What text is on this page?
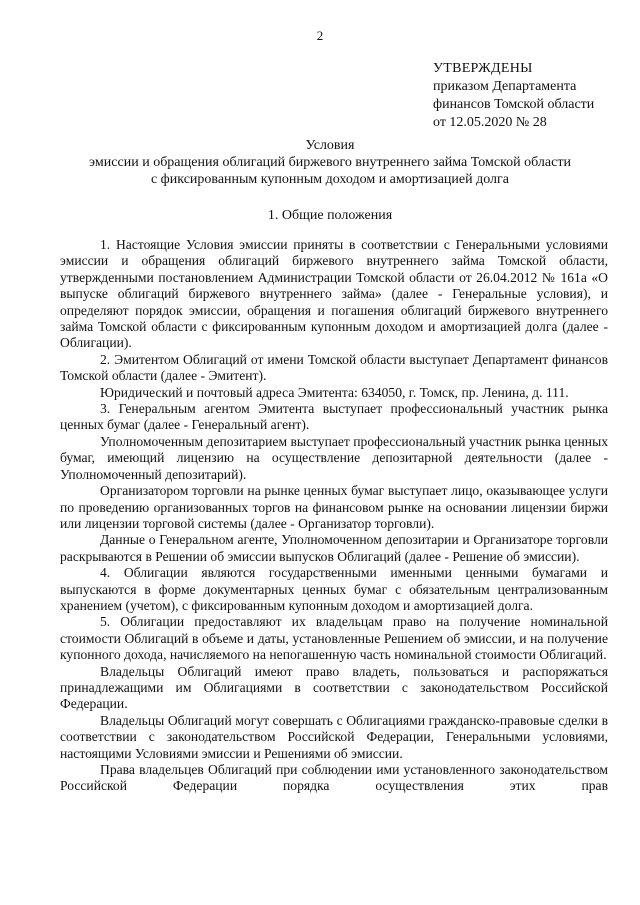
2
УТВЕРЖДЕНЫ
приказом Департамента
финансов Томской области
от 12.05.2020 № 28
Условия
эмиссии и обращения облигаций биржевого внутреннего займа Томской области
с фиксированным купонным доходом и амортизацией долга
1. Общие положения

1. Настоящие Условия эмиссии приняты в соответствии с Генеральными условиями эмиссии и обращения облигаций биржевого внутреннего займа Томской области, утвержденными постановлением Администрации Томской области от 26.04.2012 № 161а «О выпуске облигаций биржевого внутреннего займа» (далее - Генеральные условия), и определяют порядок эмиссии, обращения и погашения облигаций биржевого внутреннего займа Томской области с фиксированным купонным доходом и амортизацией долга (далее - Облигации).

2. Эмитентом Облигаций от имени Томской области выступает Департамент финансов Томской области (далее - Эмитент).

Юридический и почтовый адреса Эмитента: 634050, г. Томск, пр. Ленина, д. 111.

3. Генеральным агентом Эмитента выступает профессиональный участник рынка ценных бумаг (далее - Генеральный агент).

Уполномоченным депозитарием выступает профессиональный участник рынка ценных бумаг, имеющий лицензию на осуществление депозитарной деятельности (далее - Уполномоченный депозитарий).

Организатором торговли на рынке ценных бумаг выступает лицо, оказывающее услуги по проведению организованных торгов на финансовом рынке на основании лицензии биржи или лицензии торговой системы (далее - Организатор торговли).

Данные о Генеральном агенте, Уполномоченном депозитарии и Организаторе торговли раскрываются в Решении об эмиссии выпусков Облигаций (далее - Решение об эмиссии).

4. Облигации являются государственными именными ценными бумагами и выпускаются в форме документарных ценных бумаг с обязательным централизованным хранением (учетом), с фиксированным купонным доходом и амортизацией долга.

5. Облигации предоставляют их владельцам право на получение номинальной стоимости Облигаций в объеме и даты, установленные Решением об эмиссии, и на получение купонного дохода, начисляемого на непогашенную часть номинальной стоимости Облигаций.

Владельцы Облигаций имеют право владеть, пользоваться и распоряжаться принадлежащими им Облигациями в соответствии с законодательством Российской Федерации.

Владельцы Облигаций могут совершать с Облигациями гражданско-правовые сделки в соответствии с законодательством Российской Федерации, Генеральными условиями, настоящими Условиями эмиссии и Решениями об эмиссии.

Права владельцев Облигаций при соблюдении ими установленного законодательством Российской Федерации порядка осуществления этих прав
